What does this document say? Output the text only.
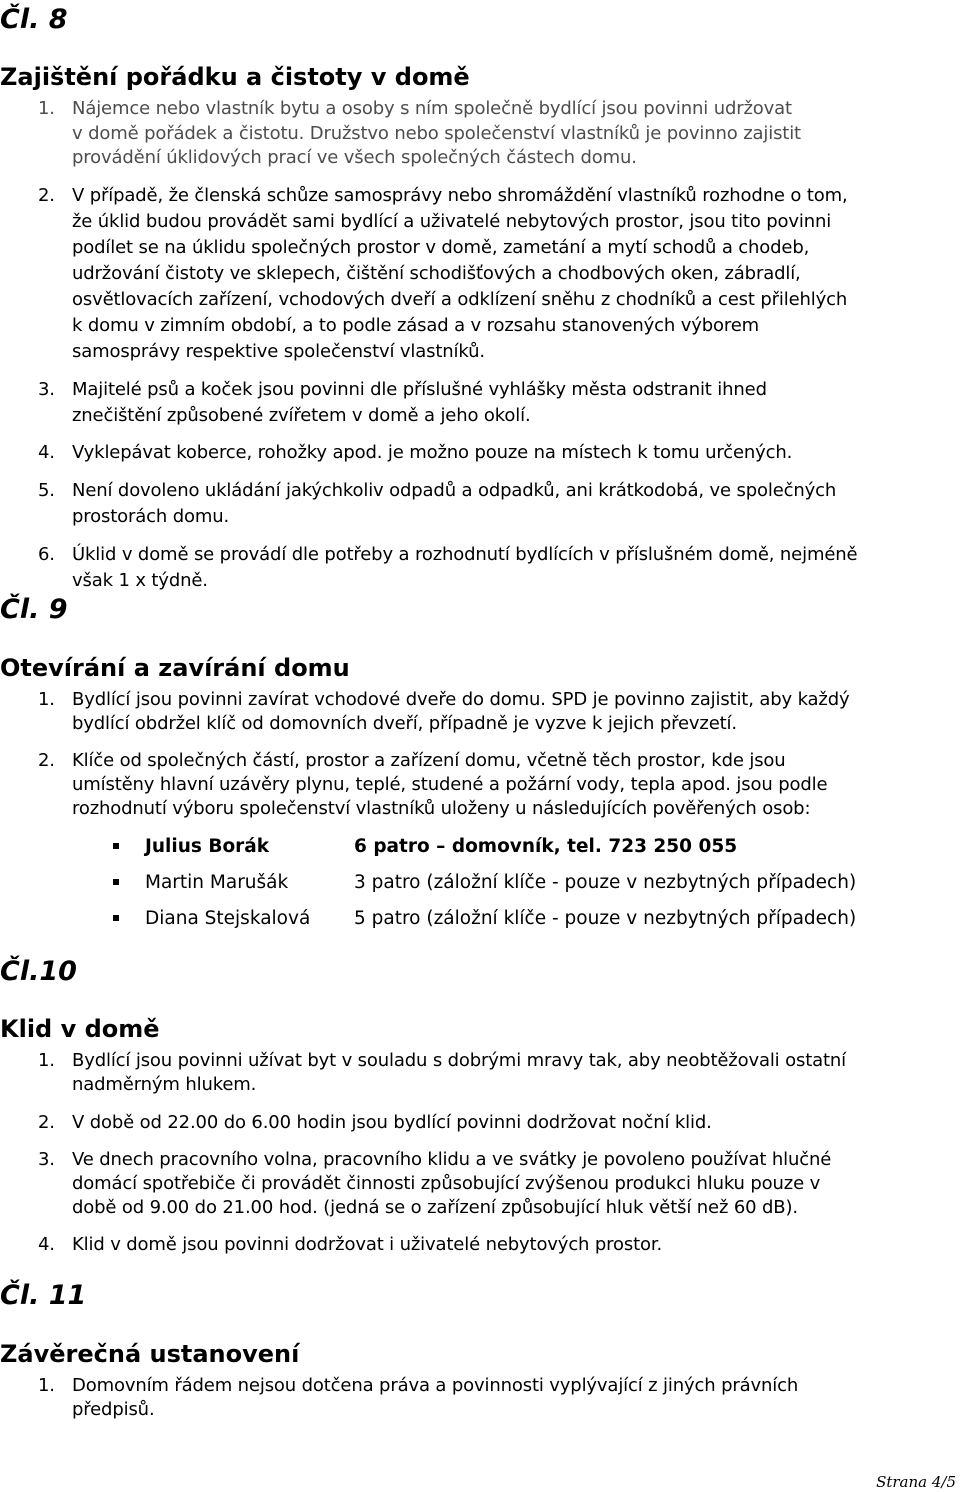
Čl. 8
Zajištění pořádku a čistoty v domě
1. Nájemce nebo vlastník bytu a osoby s ním společně bydlící jsou povinni udržovat
v domě pořádek a čistotu. Družstvo nebo společenství vlastníků je povinno zajistit
provádění úklidových prací ve všech společných částech domu.
2. V případě, že členská schůze samosprávy nebo shromáždění vlastníků rozhodne o tom,
že úklid budou provádět sami bydlící a uživatelé nebytových prostor, jsou tito povinni
podílet se na úklidu společných prostor v domě, zametání a mytí schodů a chodeb,
udržování čistoty ve sklepech, čištění schodišťových a chodbových oken, zábradlí,
osvětlovacích zařízení, vchodových dveří a odklízení sněhu z chodníků a cest přilehlých
k domu v zimním období, a to podle zásad a v rozsahu stanovených výborem
samosprávy respektive společenství vlastníků.
3. Majitelé psů a koček jsou povinni dle příslušné vyhlášky města odstranit ihned
znečištění způsobené zvířetem v domě a jeho okolí.
4. Vyklepávat koberce, rohožky apod. je možno pouze na místech k tomu určených.
5. Není dovoleno ukládání jakýchkoliv odpadů a odpadků, ani krátkodobá, ve společných
prostorách domu.
6. Úklid v domě se provádí dle potřeby a rozhodnutí bydlících v příslušném domě, nejméně
však 1 x týdně.
Čl. 9
Otevírání a zavírání domu
1. Bydlící jsou povinni zavírat vchodové dveře do domu. SPD je povinno zajistit, aby každý
bydlící obdržel klíč od domovních dveří, případně je vyzve k jejich převzetí.
2. Klíče od společných částí, prostor a zařízení domu, včetně těch prostor, kde jsou
umístěny hlavní uzávěry plynu, teplé, studené a požární vody, tepla apod. jsou podle
rozhodnutí výboru společenství vlastníků uloženy u následujících pověřených osob:
Julius Borák	6 patro – domovník, tel. 723 250 055
Martin Marušák	3 patro (záložní klíče - pouze v nezbytných případech)
Diana Stejskalová 5 patro (záložní klíče - pouze v nezbytných případech)
Čl.10
Klid v domě
1. Bydlící jsou povinni užívat byt v souladu s dobrými mravy tak, aby neobtěžovali ostatní
nadměrným hlukem.
2. V době od 22.00 do 6.00 hodin jsou bydlící povinni dodržovat noční klid.
3. Ve dnech pracovního volna, pracovního klidu a ve svátky je povoleno používat hlučné
domácí spotřebiče či provádět činnosti způsobující zvýšenou produkci hluku pouze v
době od 9.00 do 21.00 hod. (jedná se o zařízení způsobující hluk větší než 60 dB).
4. Klid v domě jsou povinni dodržovat i uživatelé nebytových prostor.
Čl. 11
Závěrečná ustanovení
1. Domovním řádem nejsou dotčena práva a povinnosti vyplývající z jiných právních
předpisů.
Strana 4/5
